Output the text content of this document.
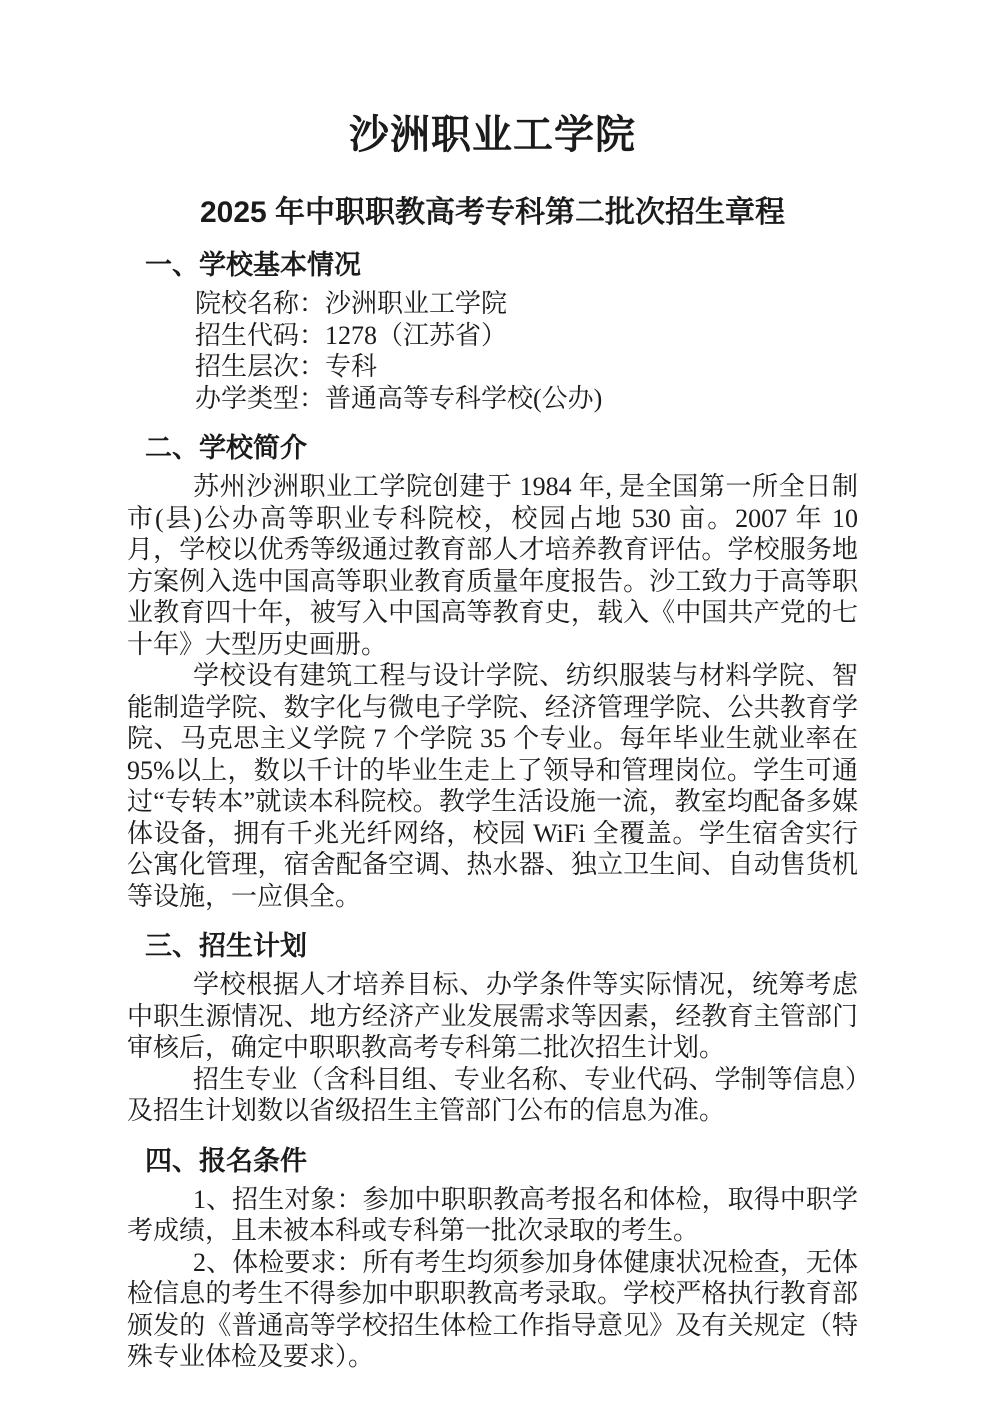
沙洲职业工学院
2025 年中职职教高考专科第二批次招生章程
一、学校基本情况
院校名称：沙洲职业工学院
招生代码：1278（江苏省）
招生层次：专科
办学类型：普通高等专科学校(公办)
二、学校简介

苏州沙洲职业工学院创建于 1984 年, 是全国第一所全日制市(县)公办高等职业专科院校，校园占地 530 亩。2007 年 10 月，学校以优秀等级通过教育部人才培养教育评估。学校服务地方案例入选中国高等职业教育质量年度报告。沙工致力于高等职业教育四十年，被写入中国高等教育史，载入《中国共产党的七十年》大型历史画册。

学校设有建筑工程与设计学院、纺织服装与材料学院、智能制造学院、数字化与微电子学院、经济管理学院、公共教育学院、马克思主义学院 7 个学院 35 个专业。每年毕业生就业率在 95%以上，数以千计的毕业生走上了领导和管理岗位。学生可通过“专转本”就读本科院校。教学生活设施一流，教室均配备多媒体设备，拥有千兆光纤网络，校园 WiFi 全覆盖。学生宿舍实行公寓化管理，宿舍配备空调、热水器、独立卫生间、自动售货机等设施，一应俱全。

三、招生计划

学校根据人才培养目标、办学条件等实际情况，统筹考虑中职生源情况、地方经济产业发展需求等因素，经教育主管部门审核后，确定中职职教高考专科第二批次招生计划。

招生专业（含科目组、专业名称、专业代码、学制等信息）及招生计划数以省级招生主管部门公布的信息为准。

四、报名条件

1、招生对象：参加中职职教高考报名和体检，取得中职学考成绩，且未被本科或专科第一批次录取的考生。

2、体检要求：所有考生均须参加身体健康状况检查，无体检信息的考生不得参加中职职教高考录取。学校严格执行教育部颁发的《普通高等学校招生体检工作指导意见》及有关规定（特殊专业体检及要求）。
